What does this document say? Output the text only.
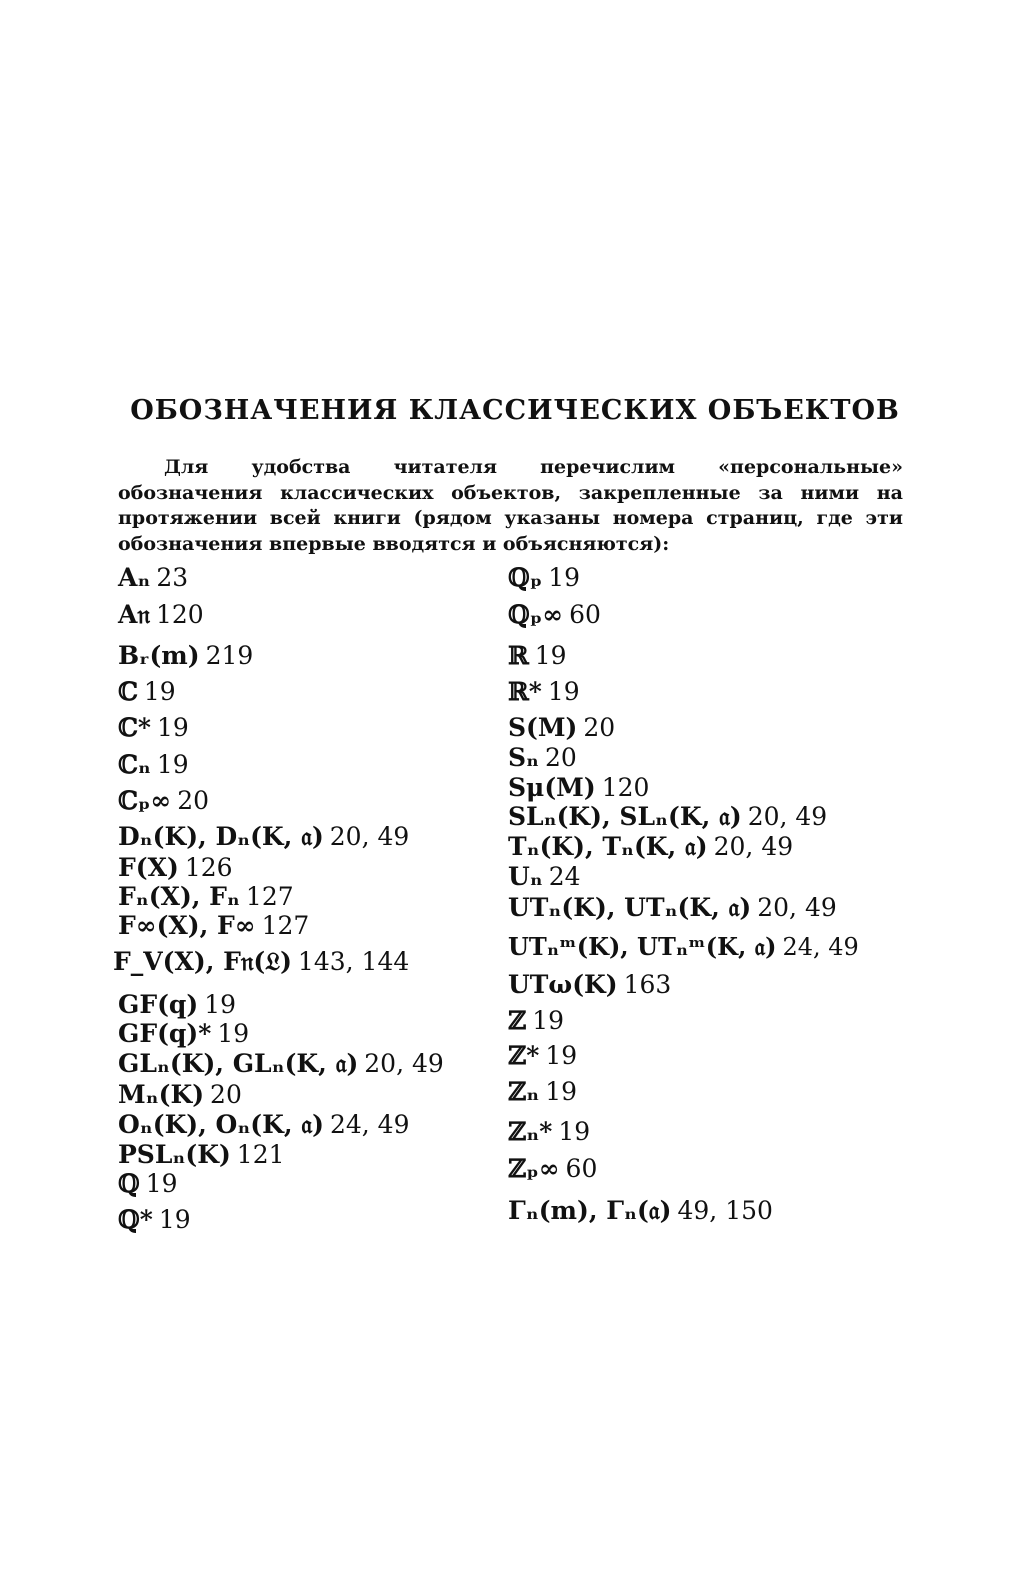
ОБОЗНАЧЕНИЯ КЛАССИЧЕСКИХ ОБЪЕКТОВ

Для удобства читателя перечислим «персональные» обозначения классических объектов, закрепленные за ними на протяжении всей книги (рядом указаны номера страниц, где эти обозначения впервые вводятся и объясняются):

Aₙ 23
A𝔫 120
Bᵣ(m) 219
ℂ 19
ℂ* 19
ℂₙ 19
ℂₚ∞ 20
Dₙ(K), Dₙ(K, 𝔞) 20, 49
F(X) 126
Fₙ(X), Fₙ 127
F∞(X), F∞ 127
F_V(X), F𝔫(𝔏) 143, 144
GF(q) 19
GF(q)* 19
GLₙ(K), GLₙ(K, 𝔞) 20, 49
Mₙ(K) 20
Oₙ(K), Oₙ(K, 𝔞) 24, 49
PSLₙ(K) 121
ℚ 19
ℚ* 19
ℚₚ 19
ℚₚ∞ 60
ℝ 19
ℝ* 19
S(M) 20
Sₙ 20
Sμ(M) 120
SLₙ(K), SLₙ(K, 𝔞) 20, 49
Tₙ(K), Tₙ(K, 𝔞) 20, 49
Uₙ 24
UTₙ(K), UTₙ(K, 𝔞) 20, 49
UTₙᵐ(K), UTₙᵐ(K, 𝔞) 24, 49
UTω(K) 163
ℤ 19
ℤ* 19
ℤₙ 19
ℤₙ* 19
ℤₚ∞ 60
Γₙ(m), Γₙ(𝔞) 49, 150
